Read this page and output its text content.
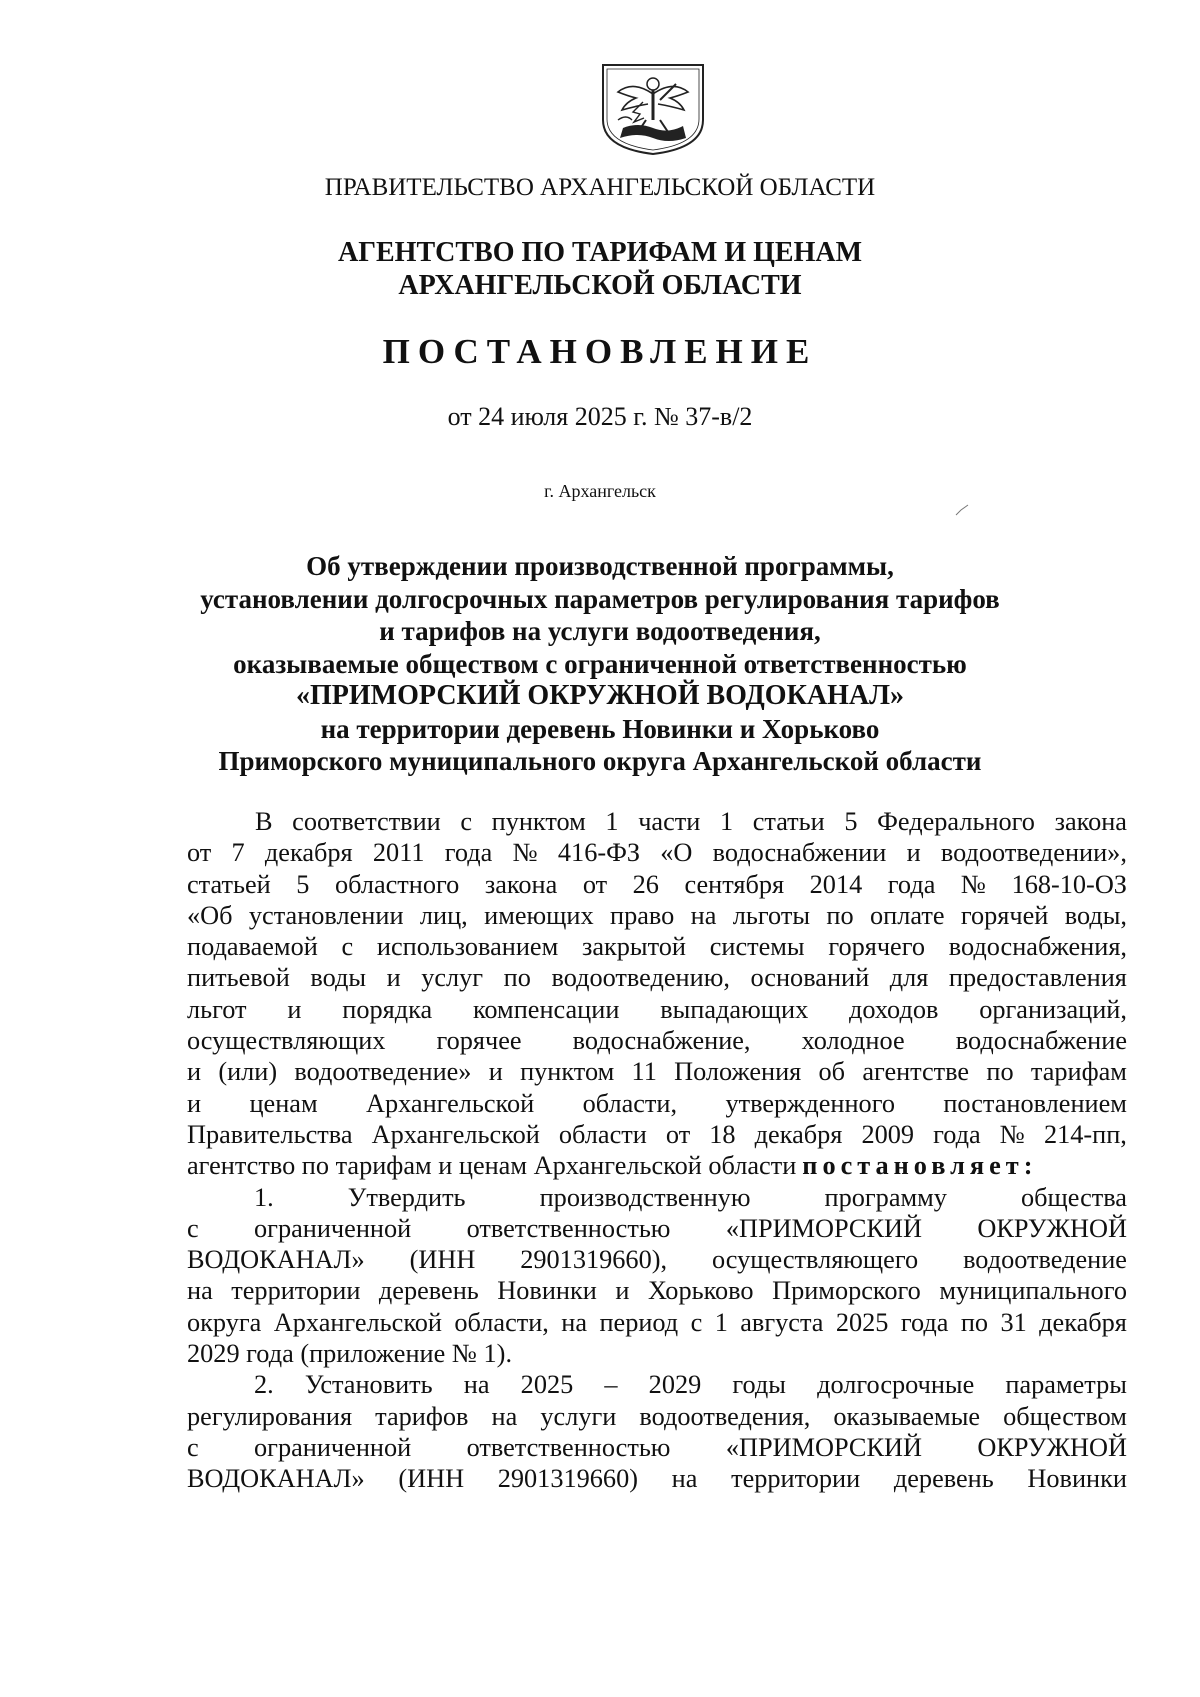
ПРАВИТЕЛЬСТВО АРХАНГЕЛЬСКОЙ ОБЛАСТИ
АГЕНТСТВО ПО ТАРИФАМ И ЦЕНАМ
АРХАНГЕЛЬСКОЙ ОБЛАСТИ
ПОСТАНОВЛЕНИЕ
от 24 июля 2025 г. № 37-в/2
г. Архангельск
Об утверждении производственной программы,
установлении долгосрочных параметров регулирования тарифов
и тарифов на услуги водоотведения,
оказываемые обществом с ограниченной ответственностью
«ПРИМОРСКИЙ ОКРУЖНОЙ ВОДОКАНАЛ»
на территории деревень Новинки и Хорьково
Приморского муниципального округа Архангельской области
В соответствии с пунктом 1 части 1 статьи 5 Федерального закона
от 7 декабря 2011 года № 416-ФЗ «О водоснабжении и водоотведении»,
статьей 5 областного закона от 26 сентября 2014 года № 168-10-ОЗ
«Об установлении лиц, имеющих право на льготы по оплате горячей воды,
подаваемой с использованием закрытой системы горячего водоснабжения,
питьевой воды и услуг по водоотведению, оснований для предоставления
льгот и порядка компенсации выпадающих доходов организаций,
осуществляющих горячее водоснабжение, холодное водоснабжение
и (или) водоотведение» и пунктом 11 Положения об агентстве по тарифам
и ценам Архангельской области, утвержденного постановлением
Правительства Архангельской области от 18 декабря 2009 года № 214-пп,
агентство по тарифам и ценам Архангельской области постановляет:
1.	Утвердить	производственную	программу	общества
с ограниченной ответственностью «ПРИМОРСКИЙ ОКРУЖНОЙ
ВОДОКАНАЛ» (ИНН 2901319660), осуществляющего водоотведение
на территории деревень Новинки и Хорьково Приморского муниципального
округа Архангельской области, на период с 1 августа 2025 года по 31 декабря
2029 года (приложение № 1).
2. Установить на 2025 – 2029 годы долгосрочные параметры
регулирования тарифов на услуги водоотведения, оказываемые обществом
с ограниченной ответственностью «ПРИМОРСКИЙ ОКРУЖНОЙ
ВОДОКАНАЛ» (ИНН 2901319660) на территории деревень Новинки
